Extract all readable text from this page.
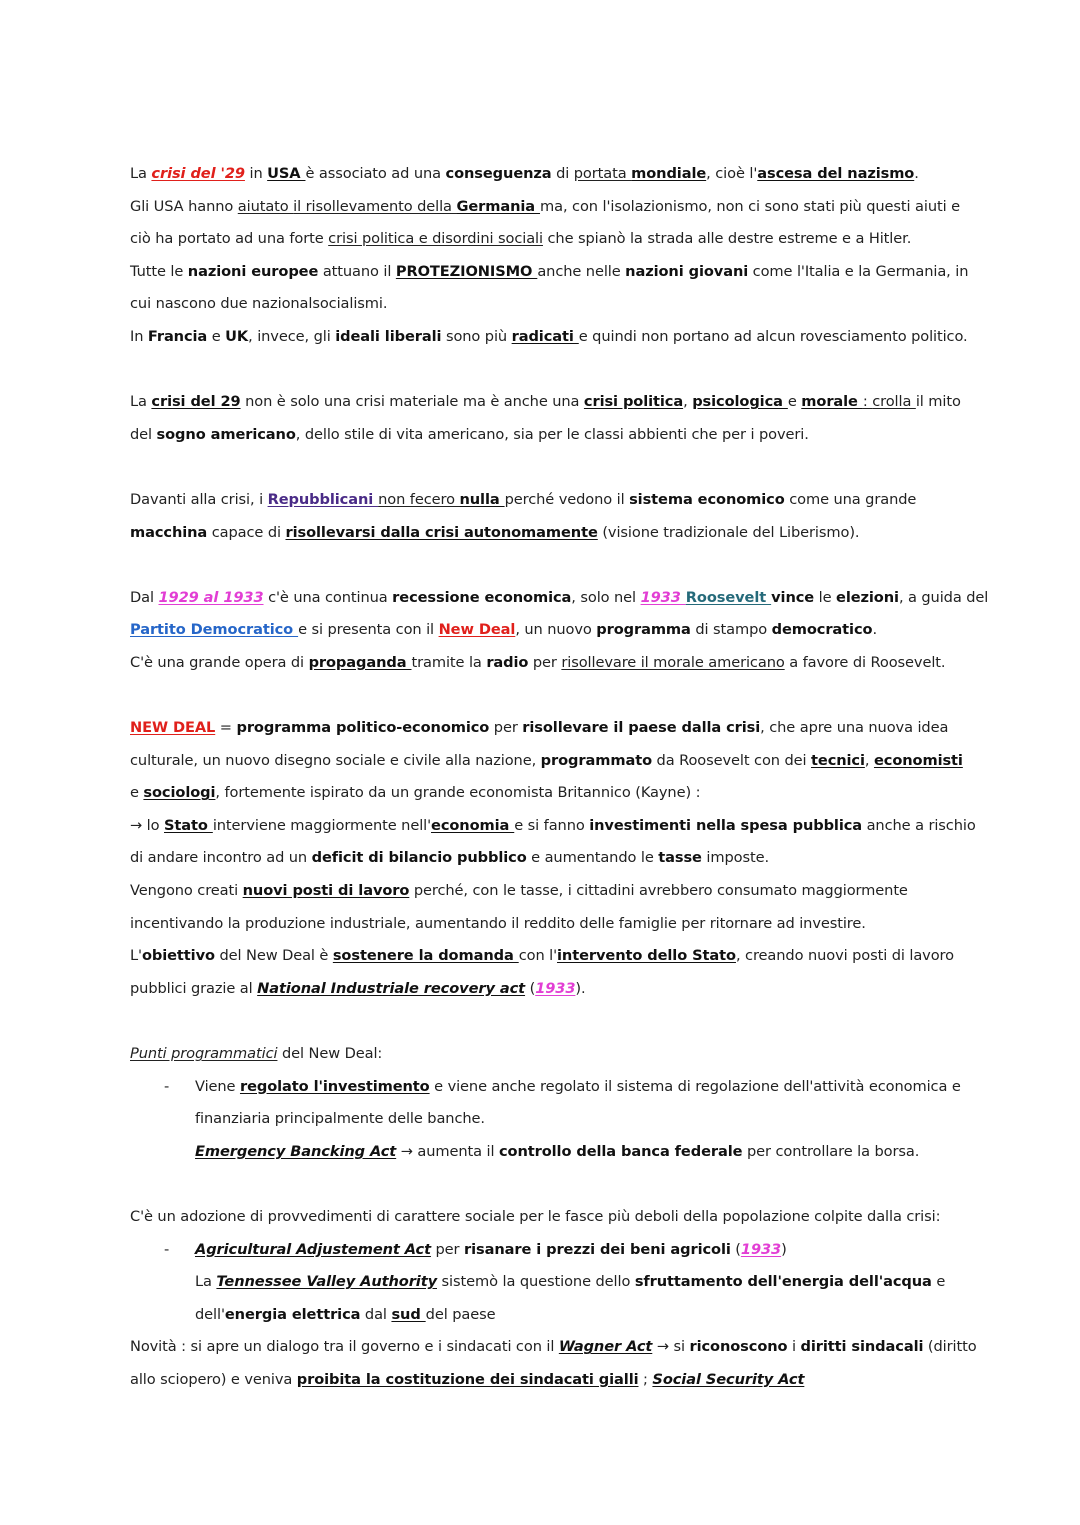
La crisi del '29 in USA è associato ad una conseguenza di portata mondiale, cioè l'ascesa del nazismo.

Gli USA hanno aiutato il risollevamento della Germania ma, con l'isolazionismo, non ci sono stati più questi aiuti e

ciò ha portato ad una forte crisi politica e disordini sociali che spianò la strada alle destre estreme e a Hitler.

Tutte le nazioni europee attuano il PROTEZIONISMO anche nelle nazioni giovani come l'Italia e la Germania, in

cui nascono due nazionalsocialismi.

In Francia e UK, invece, gli ideali liberali sono più radicati e quindi non portano ad alcun rovesciamento politico.

La crisi del 29 non è solo una crisi materiale ma è anche una crisi politica, psicologica e morale : crolla il mito

del sogno americano, dello stile di vita americano, sia per le classi abbienti che per i poveri.

Davanti alla crisi, i Repubblicani non fecero nulla perché vedono il sistema economico come una grande

macchina capace di risollevarsi dalla crisi autonomamente (visione tradizionale del Liberismo).

Dal 1929 al 1933 c'è una continua recessione economica, solo nel 1933 Roosevelt vince le elezioni, a guida del

Partito Democratico e si presenta con il New Deal, un nuovo programma di stampo democratico.

C'è una grande opera di propaganda tramite la radio per risollevare il morale americano a favore di Roosevelt.

NEW DEAL = programma politico-economico per risollevare il paese dalla crisi, che apre una nuova idea

culturale, un nuovo disegno sociale e civile alla nazione, programmato da Roosevelt con dei tecnici, economisti

e sociologi, fortemente ispirato da un grande economista Britannico (Kayne) :

→ lo Stato interviene maggiormente nell'economia e si fanno investimenti nella spesa pubblica anche a rischio

di andare incontro ad un deficit di bilancio pubblico e aumentando le tasse imposte.

Vengono creati nuovi posti di lavoro perché, con le tasse, i cittadini avrebbero consumato maggiormente

incentivando la produzione industriale, aumentando il reddito delle famiglie per ritornare ad investire.

L'obiettivo del New Deal è sostenere la domanda con l'intervento dello Stato, creando nuovi posti di lavoro

pubblici grazie al National Industriale recovery act (1933).

Punti programmatici del New Deal:

-	Viene regolato l'investimento e viene anche regolato il sistema di regolazione dell'attività economica e

finanziaria principalmente delle banche.

Emergency Bancking Act → aumenta il controllo della banca federale per controllare la borsa.

C'è un adozione di provvedimenti di carattere sociale per le fasce più deboli della popolazione colpite dalla crisi:

-	Agricultural Adjustement Act per risanare i prezzi dei beni agricoli (1933)

La Tennessee Valley Authority sistemò la questione dello sfruttamento dell'energia dell'acqua e

dell'energia elettrica dal sud del paese

Novità : si apre un dialogo tra il governo e i sindacati con il Wagner Act → si riconoscono i diritti sindacali (diritto

allo sciopero) e veniva proibita la costituzione dei sindacati gialli ; Social Security Act
